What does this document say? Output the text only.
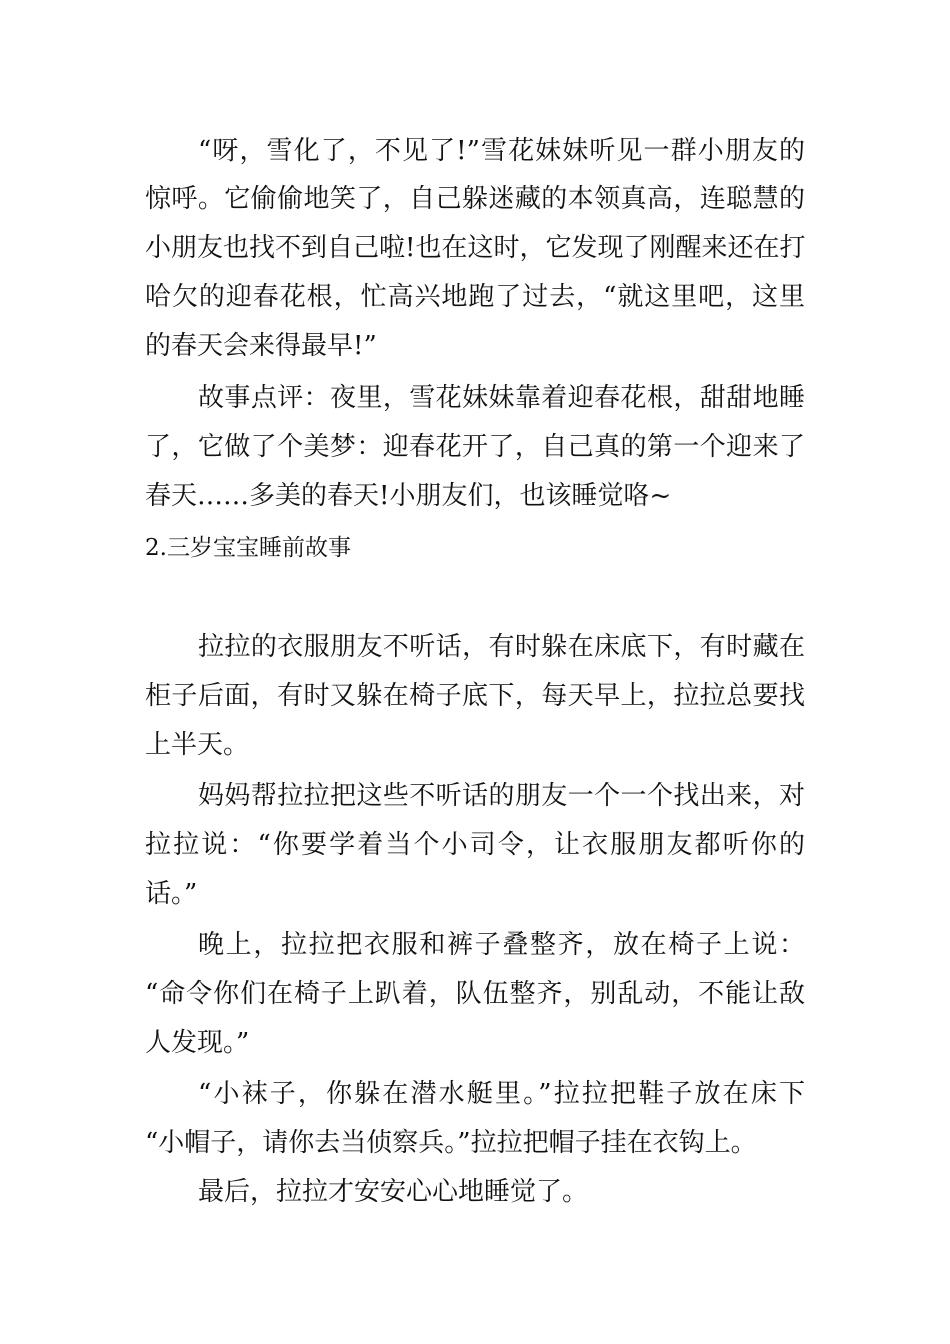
“呀，雪化了，不见了!”雪花妹妹听见一群小朋友的
惊呼。它偷偷地笑了，自己躲迷藏的本领真高，连聪慧的
小朋友也找不到自己啦!也在这时，它发现了刚醒来还在打
哈欠的迎春花根，忙高兴地跑了过去，“就这里吧，这里
的春天会来得最早!”
故事点评：夜里，雪花妹妹靠着迎春花根，甜甜地睡
了，它做了个美梦：迎春花开了，自己真的第一个迎来了
春天……多美的春天!小朋友们，也该睡觉咯~
2.三岁宝宝睡前故事
拉拉的衣服朋友不听话，有时躲在床底下，有时藏在
柜子后面，有时又躲在椅子底下，每天早上，拉拉总要找
上半天。
妈妈帮拉拉把这些不听话的朋友一个一个找出来，对
拉拉说：“你要学着当个小司令，让衣服朋友都听你的
话。”
晚上，拉拉把衣服和裤子叠整齐，放在椅子上说：
“命令你们在椅子上趴着，队伍整齐，别乱动，不能让敌
人发现。”
“小袜子，你躲在潜水艇里。”拉拉把鞋子放在床下
“小帽子，请你去当侦察兵。”拉拉把帽子挂在衣钩上。
最后，拉拉才安安心心地睡觉了。
